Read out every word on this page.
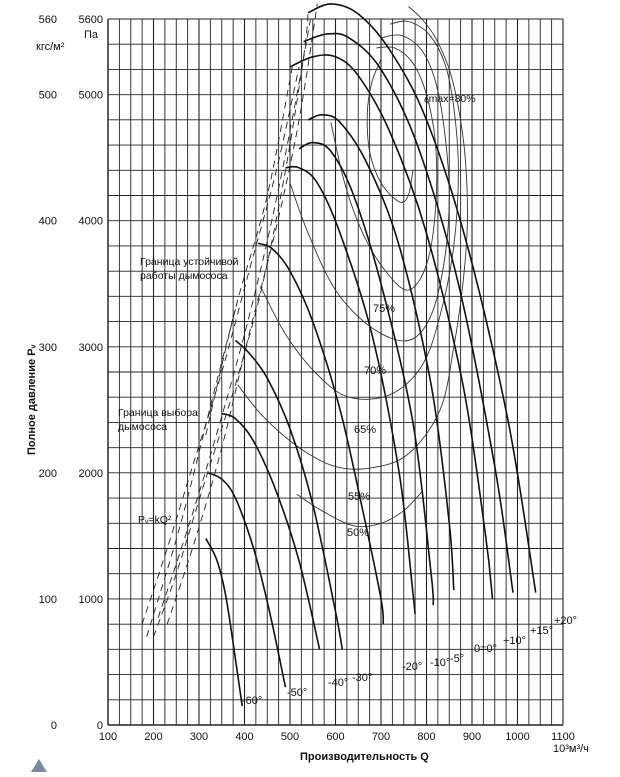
0
100
200
300
400
500
560
0
1000
2000
3000
4000
5000
5600
100 200 300 400 500 600 700 800 900 1000 1100
кгс/м²
Па
Полное давление Pᵥ
Производительность Q
10³м³/ч
Граница устойчивой
работы дымососа
Граница выбора
дымососа
Pᵥ=kQ²
ζmax=80%
75%
70%
65%
55%
50%
-60°
-50°
-40° -30°
-20° -10° -5°
0=0°
+10°
+15°
+20°
